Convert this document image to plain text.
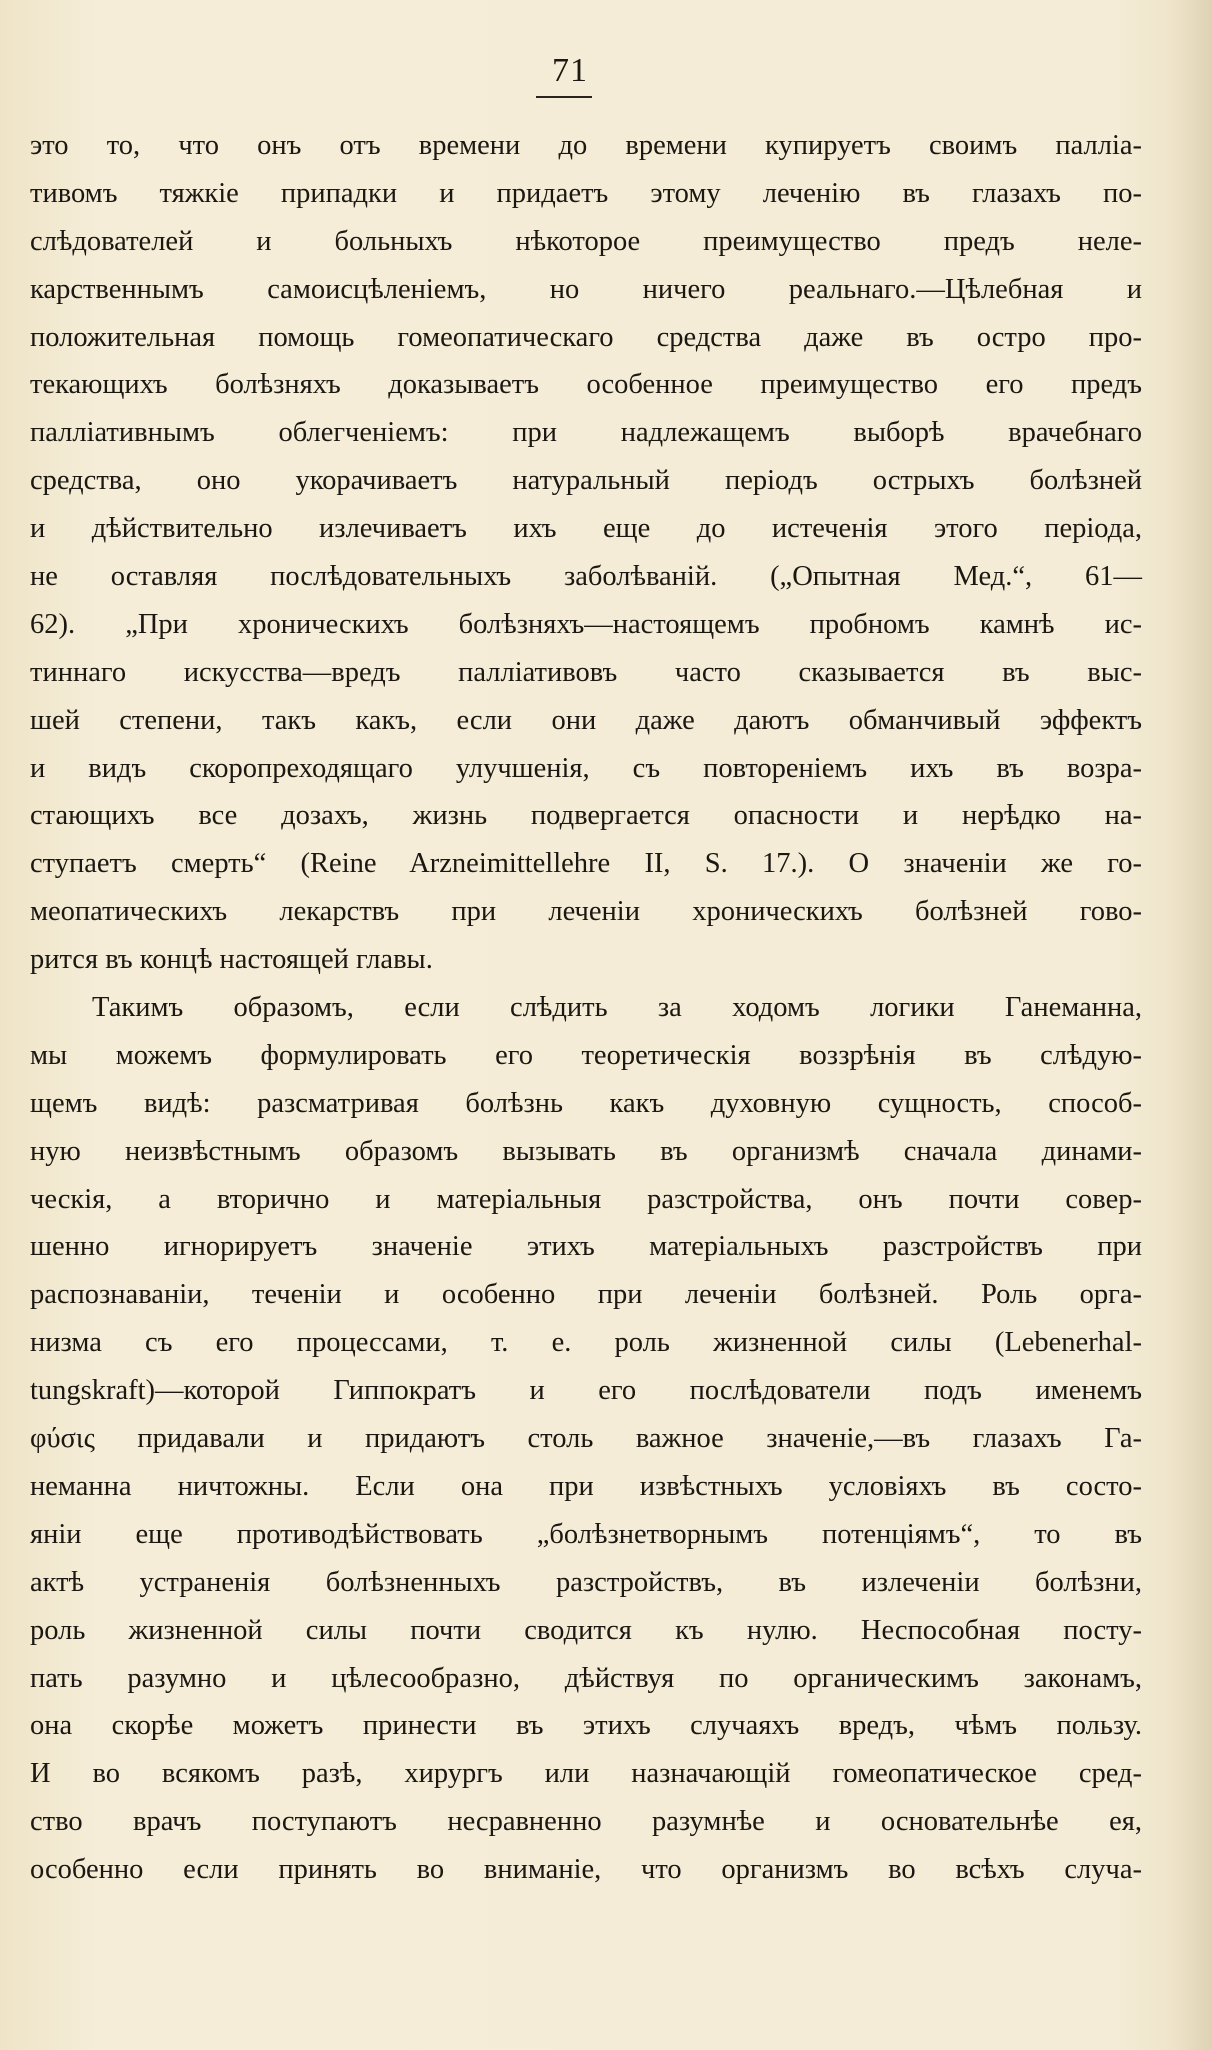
71
это то, что онъ отъ времени до времени купируетъ своимъ палліа-
тивомъ тяжкіе припадки и придаетъ этому леченію въ глазахъ по-
слѣдователей и больныхъ нѣкоторое преимущество предъ неле-
карственнымъ самоисцѣленіемъ, но ничего реальнаго.—Цѣлебная и
положительная помощь гомеопатическаго средства даже въ остро про-
текающихъ болѣзняхъ доказываетъ особенное преимущество его предъ
палліативнымъ облегченіемъ: при надлежащемъ выборѣ врачебнаго
средства, оно укорачиваетъ натуральный періодъ острыхъ болѣзней
и дѣйствительно излечиваетъ ихъ еще до истеченія этого періода,
не оставляя послѣдовательныхъ заболѣваній. („Опытная Мед.“, 61—
62). „При хроническихъ болѣзняхъ—настоящемъ пробномъ камнѣ ис-
тиннаго искусства—вредъ палліативовъ часто сказывается въ выс-
шей степени, такъ какъ, если они даже даютъ обманчивый эффектъ
и видъ скоропреходящаго улучшенія, съ повтореніемъ ихъ въ возра-
стающихъ все дозахъ, жизнь подвергается опасности и нерѣдко на-
ступаетъ смерть“ (Reine Arzneimittellehre II, S. 17.). О значеніи же го-
меопатическихъ лекарствъ при леченіи хроническихъ болѣзней гово-
рится въ концѣ настоящей главы.
Такимъ образомъ, если слѣдить за ходомъ логики Ганеманна,
мы можемъ формулировать его теоретическія воззрѣнія въ слѣдую-
щемъ видѣ: разсматривая болѣзнь какъ духовную сущность, способ-
ную неизвѣстнымъ образомъ вызывать въ организмѣ сначала динами-
ческія, а вторично и матеріальныя разстройства, онъ почти совер-
шенно игнорируетъ значеніе этихъ матеріальныхъ разстройствъ при
распознаваніи, теченіи и особенно при леченіи болѣзней. Роль орга-
низма съ его процессами, т. е. роль жизненной силы (Lebenerhal-
tungskraft)—которой Гиппократъ и его послѣдователи подъ именемъ
φύσις придавали и придаютъ столь важное значеніе,—въ глазахъ Га-
неманна ничтожны. Если она при извѣстныхъ условіяхъ въ состо-
яніи еще противодѣйствовать „болѣзнетворнымъ потенціямъ“, то въ
актѣ устраненія болѣзненныхъ разстройствъ, въ излеченіи болѣзни,
роль жизненной силы почти сводится къ нулю. Неспособная посту-
пать разумно и цѣлесообразно, дѣйствуя по органическимъ законамъ,
она скорѣе можетъ принести въ этихъ случаяхъ вредъ, чѣмъ пользу.
И во всякомъ разѣ, хирургъ или назначающій гомеопатическое сред-
ство врачъ поступаютъ несравненно разумнѣе и основательнѣе ея,
особенно если принять во вниманіе, что организмъ во всѣхъ случа-
